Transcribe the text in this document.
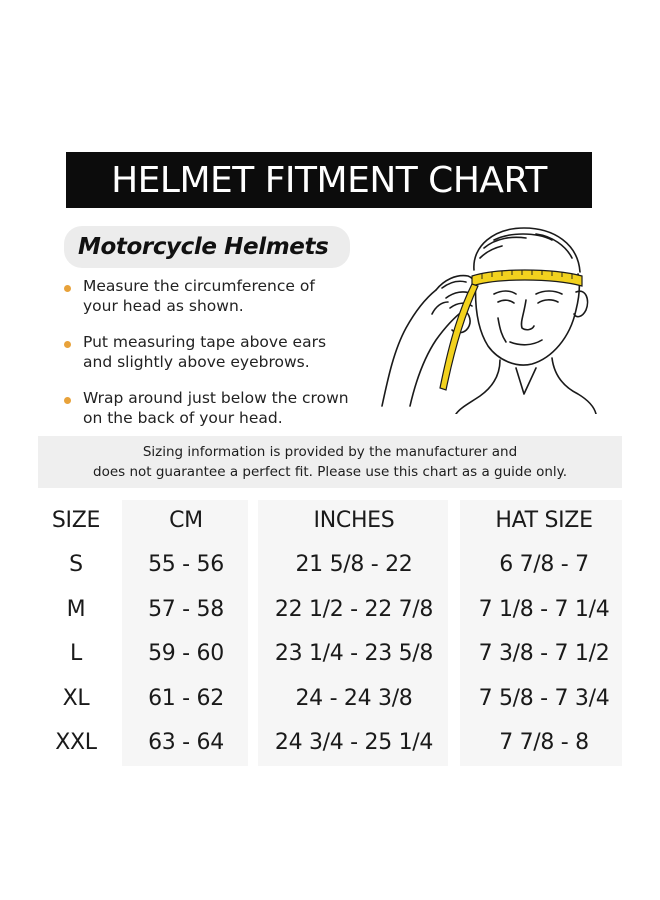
HELMET FITMENT CHART
Motorcycle Helmets
Measure the circumference of
your head as shown.
Put measuring tape above ears
and slightly above eyebrows.
Wrap around just below the crown
on the back of your head.
Sizing information is provided by the manufacturer and
does not guarantee a perfect fit. Please use this chart as a guide only.
SIZE	CM	INCHES	HAT SIZE
S	55 - 56	21 5/8 - 22	6 7/8 - 7
M	57 - 58	22 1/2 - 22 7/8	7 1/8 - 7 1/4
L	59 - 60	23 1/4 - 23 5/8	7 3/8 - 7 1/2
XL	61 - 62	24 - 24 3/8	7 5/8 - 7 3/4
XXL	63 - 64	24 3/4 - 25 1/4	7 7/8 - 8
